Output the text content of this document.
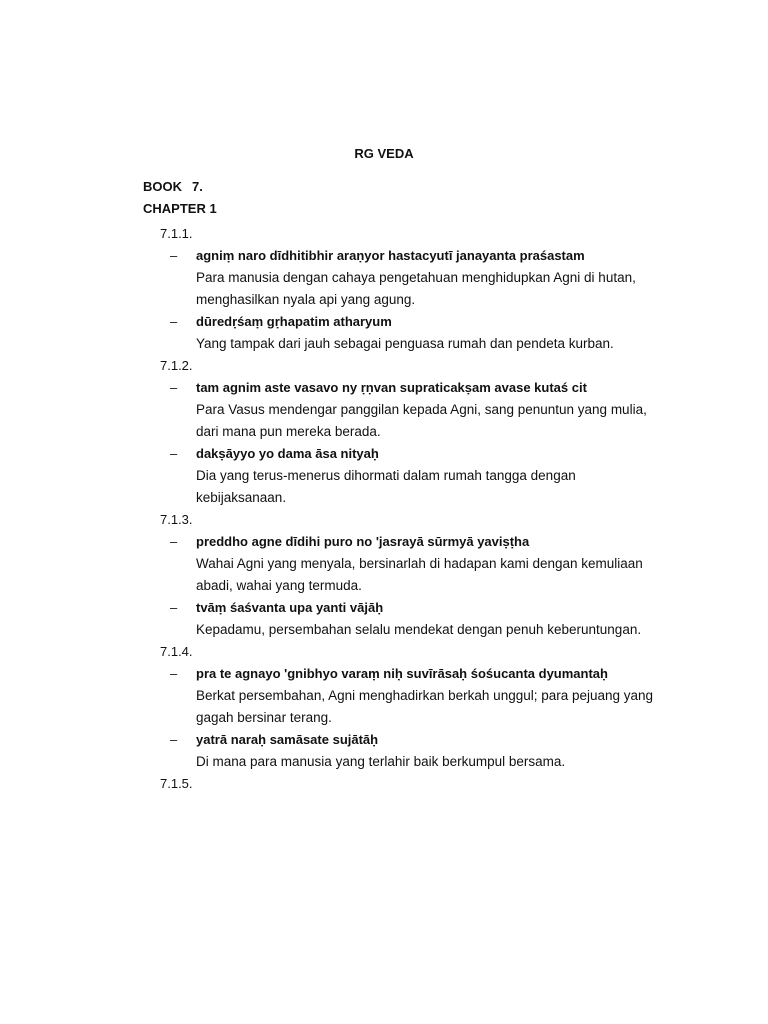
RG VEDA
BOOK 7.
CHAPTER 1
7.1.1.
– agniṃ naro dīdhitibhir araṇyor hastacyutī janayanta praśastam
Para manusia dengan cahaya pengetahuan menghidupkan Agni di hutan, menghasilkan nyala api yang agung.
– dūredṛśaṃ gṛhapatim atharyum
Yang tampak dari jauh sebagai penguasa rumah dan pendeta kurban.
7.1.2.
– tam agnim aste vasavo ny ṛṇvan supraticakṣam avase kutaś cit
Para Vasus mendengar panggilan kepada Agni, sang penuntun yang mulia, dari mana pun mereka berada.
– dakṣāyyo yo dama āsa nityaḥ
Dia yang terus-menerus dihormati dalam rumah tangga dengan kebijaksanaan.
7.1.3.
– preddho agne dīdihi puro no 'jasrayā sūrmyā yaviṣṭha
Wahai Agni yang menyala, bersinarlah di hadapan kami dengan kemuliaan abadi, wahai yang termuda.
– tvāṃ śaśvanta upa yanti vājāḥ
Kepadamu, persembahan selalu mendekat dengan penuh keberuntungan.
7.1.4.
– pra te agnayo 'gnibhyo varaṃ niḥ suvīrāsaḥ śośucanta dyumantaḥ
Berkat persembahan, Agni menghadirkan berkah unggul; para pejuang yang gagah bersinar terang.
– yatrā naraḥ samāsate sujātāḥ
Di mana para manusia yang terlahir baik berkumpul bersama.
7.1.5.
